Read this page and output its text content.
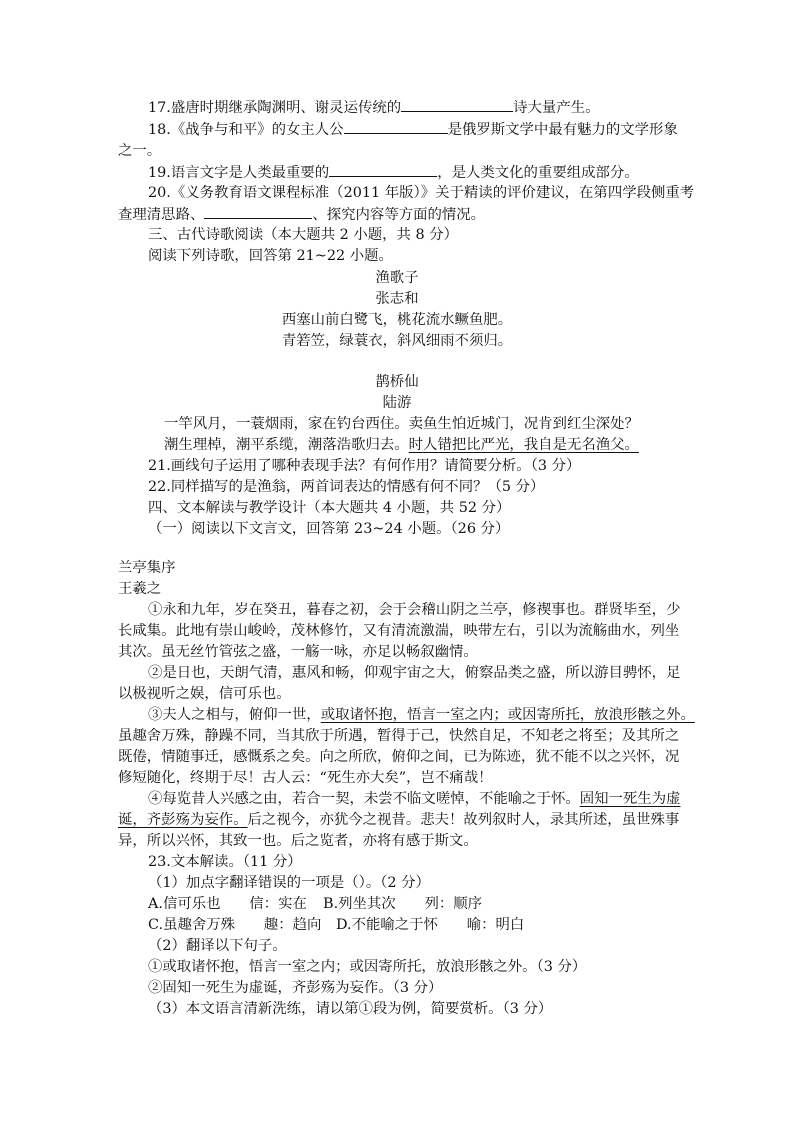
17.盛唐时期继承陶渊明、谢灵运传统的	诗大量产生。
18.《战争与和平》的女主人公	是俄罗斯文学中最有魅力的文学形象
之一。
19.语言文字是人类最重要的	，是人类文化的重要组成部分。
20.《义务教育语文课程标准（2011 年版）》关于精读的评价建议，在第四学段侧重考
查理清思路、	、探究内容等方面的情况。
三、古代诗歌阅读（本大题共 2 小题，共 8 分）
阅读下列诗歌，回答第 21~22 小题。
渔歌子
张志和
西塞山前白鹭飞，桃花流水鳜鱼肥。
青箬笠，绿蓑衣，斜风细雨不须归。
鹊桥仙
陆游
一竿风月，一蓑烟雨，家在钓台西住。卖鱼生怕近城门，况肯到红尘深处？
潮生理棹，潮平系缆，潮落浩歌归去。时人错把比严光，我自是无名渔父。
21.画线句子运用了哪种表现手法？有何作用？请简要分析。（3 分）
22.同样描写的是渔翁，两首词表达的情感有何不同？（5 分）
四、文本解读与教学设计（本大题共 4 小题，共 52 分）
（一）阅读以下文言文，回答第 23~24 小题。（26 分）
兰亭集序
王羲之
①永和九年，岁在癸丑，暮春之初，会于会稽山阴之兰亭，修禊事也。群贤毕至，少
长咸集。此地有崇山峻岭，茂林修竹，又有清流激湍，映带左右，引以为流觞曲水，列坐
其次。虽无丝竹管弦之盛，一觞一咏，亦足以畅叙幽情。
②是日也，天朗气清，惠风和畅，仰观宇宙之大，俯察品类之盛，所以游目骋怀，足
以极视听之娱，信可乐也。
③夫人之相与，俯仰一世，或取诸怀抱，悟言一室之内；或因寄所托，放浪形骸之外。
虽趣舍万殊，静躁不同，当其欣于所遇，暂得于己，快然自足，不知老之将至；及其所之
既倦，情随事迁，感慨系之矣。向之所欣，俯仰之间，已为陈迹，犹不能不以之兴怀，况
修短随化，终期于尽！古人云：“死生亦大矣”，岂不痛哉！
④每览昔人兴感之由，若合一契，未尝不临文嗟悼，不能喻之于怀。固知一死生为虚
诞，齐彭殇为妄作。后之视今，亦犹今之视昔。悲夫！故列叙时人，录其所述，虽世殊事
异，所以兴怀，其致一也。后之览者，亦将有感于斯文。
23.文本解读。（11 分）
（1）加点字翻译错误的一项是（）。（2 分）
A.信可乐也　　信：实在 B.列坐其次　　列：顺序
C.虽趣舍万殊　　趣：趋向 D.不能喻之于怀　　喻：明白
（2）翻译以下句子。
①或取诸怀抱，悟言一室之内；或因寄所托，放浪形骸之外。（3 分）
②固知一死生为虚诞，齐彭殇为妄作。（3 分）
（3）本文语言清新洗练，请以第①段为例，简要赏析。（3 分）
